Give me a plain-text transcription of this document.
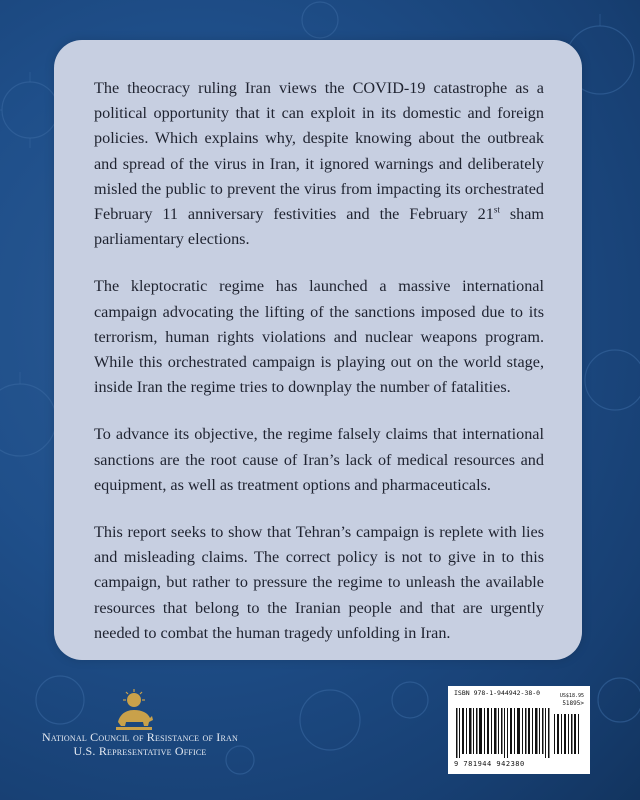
The theocracy ruling Iran views the COVID-19 catastrophe as a political opportunity that it can exploit in its domestic and foreign policies. Which explains why, despite knowing about the outbreak and spread of the virus in Iran, it ignored warnings and deliberately misled the public to prevent the virus from impacting its orchestrated February 11 anniversary festivities and the February 21st sham parliamentary elections.

The kleptocratic regime has launched a massive international campaign advocating the lifting of the sanctions imposed due to its terrorism, human rights violations and nuclear weapons program. While this orchestrated campaign is playing out on the world stage, inside Iran the regime tries to downplay the number of fatalities.

To advance its objective, the regime falsely claims that international sanctions are the root cause of Iran’s lack of medical resources and equipment, as well as treatment options and pharmaceuticals.

This report seeks to show that Tehran’s campaign is replete with lies and misleading claims. The correct policy is not to give in to this campaign, but rather to pressure the regime to unleash the available resources that belong to the Iranian people and that are urgently needed to combat the human tragedy unfolding in Iran.

National Council of Resistance of Iran
U.S. Representative Office
ISBN 978-1-944942-38-0	US$18.95
51895>
9 781944 942380
